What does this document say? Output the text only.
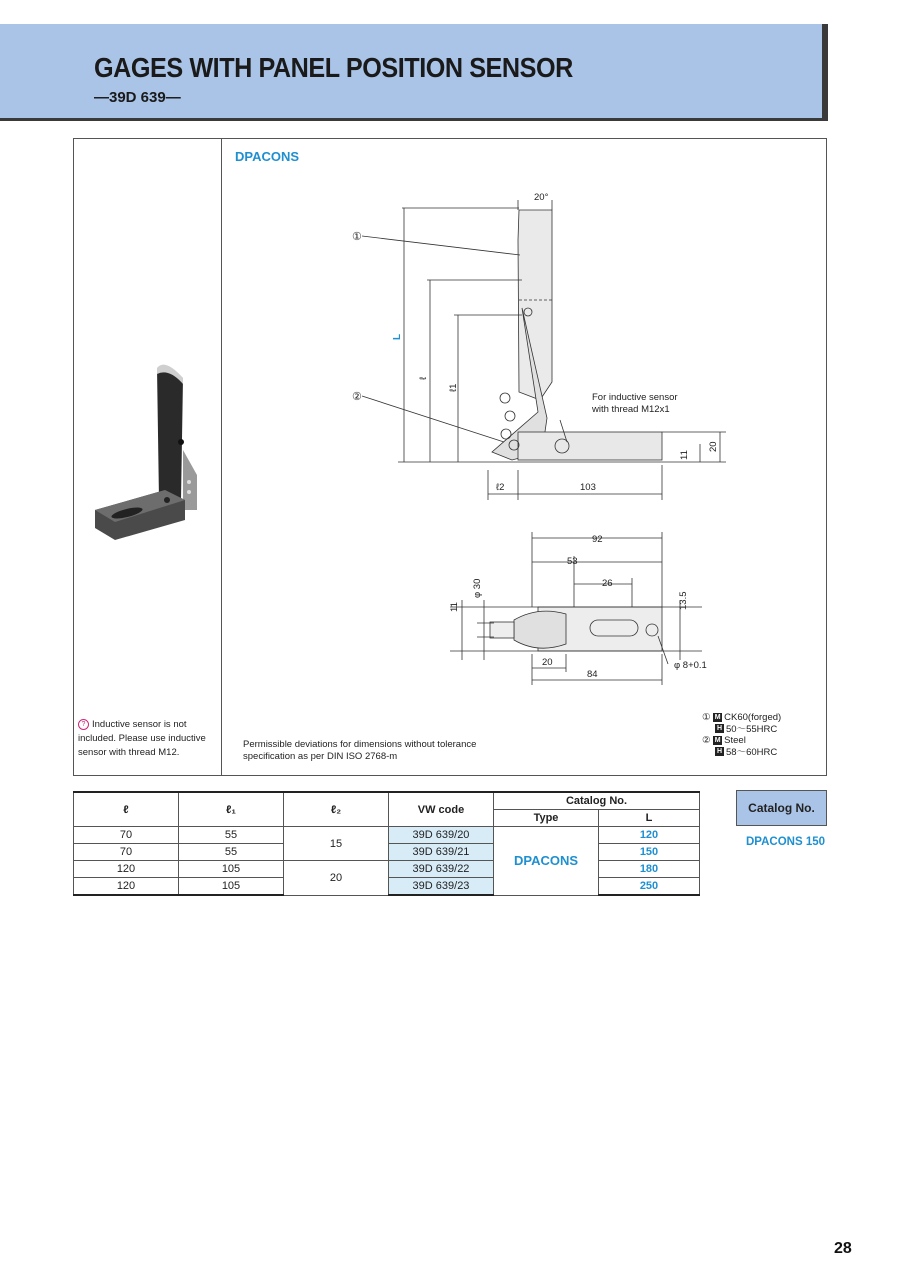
GAGES WITH PANEL POSITION SENSOR
—39D 639—
DPACONS
20°
①
②
L
ℓ
ℓ1
ℓ2	103
11
20
For inductive sensor
with thread M12x1
92
53
26
13.5
φ 30
11
20
84
φ 8+0.1
? Inductive sensor is not included. Please use inductive sensor with thread M12.
Permissible deviations for dimensions without tolerance specification as per DIN ISO 2768-m
① M CK60(forged)
H 50～55HRC
② M Steel
H 58～60HRC
ℓ	ℓ₁	ℓ₂	VW code	Catalog No.	
				Type	L
70	55	15	39D 639/20	DPACONS	120
70	55		39D 639/21		150
120	105	20	39D 639/22		180
120	105		39D 639/23		250
Catalog No.
DPACONS 150
28
